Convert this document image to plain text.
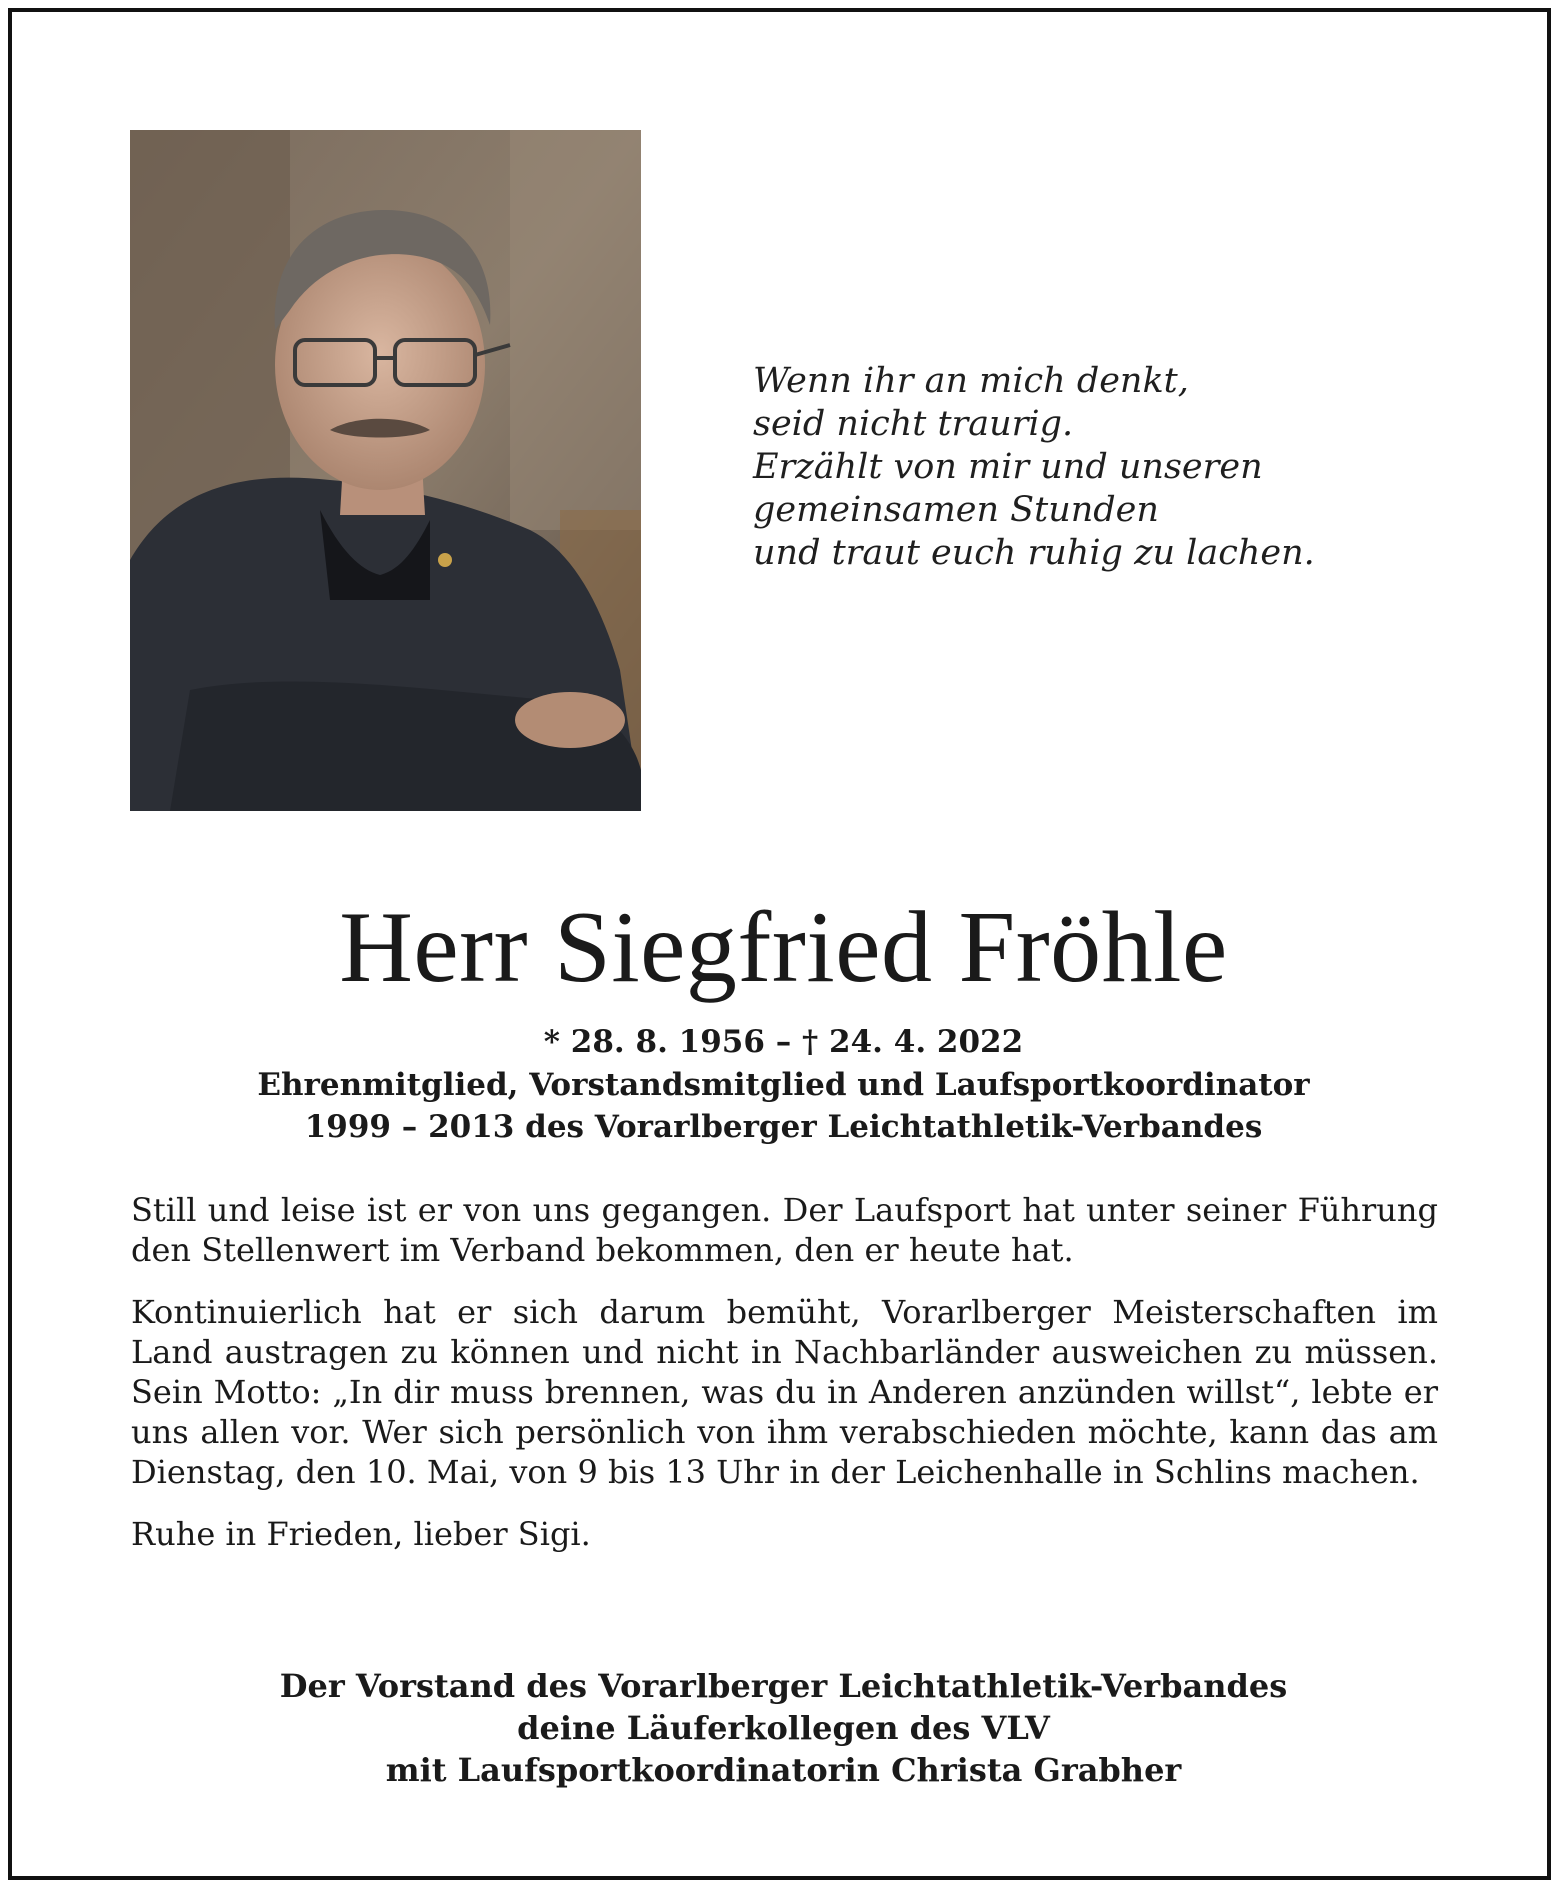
Wenn ihr an mich denkt,
seid nicht traurig.
Erzählt von mir und unseren
gemeinsamen Stunden
und traut euch ruhig zu lachen.
Herr Siegfried Fröhle
* 28. 8. 1956 – † 24. 4. 2022
Ehrenmitglied, Vorstandsmitglied und Laufsportkoordinator
1999 – 2013 des Vorarlberger Leichtathletik-Verbandes

Still und leise ist er von uns gegangen. Der Laufsport hat unter seiner Führung den Stellenwert im Verband bekommen, den er heute hat.

Kontinuierlich hat er sich darum bemüht, Vorarlberger Meisterschaften im Land austragen zu können und nicht in Nachbarländer ausweichen zu müssen. Sein Motto: „In dir muss brennen, was du in Anderen anzünden willst“, lebte er uns allen vor. Wer sich persönlich von ihm verabschieden möchte, kann das am Dienstag, den 10. Mai, von 9 bis 13 Uhr in der Leichenhalle in Schlins machen.

Ruhe in Frieden, lieber Sigi.

Der Vorstand des Vorarlberger Leichtathletik-Verbandes
deine Läuferkollegen des VLV
mit Laufsportkoordinatorin Christa Grabher
